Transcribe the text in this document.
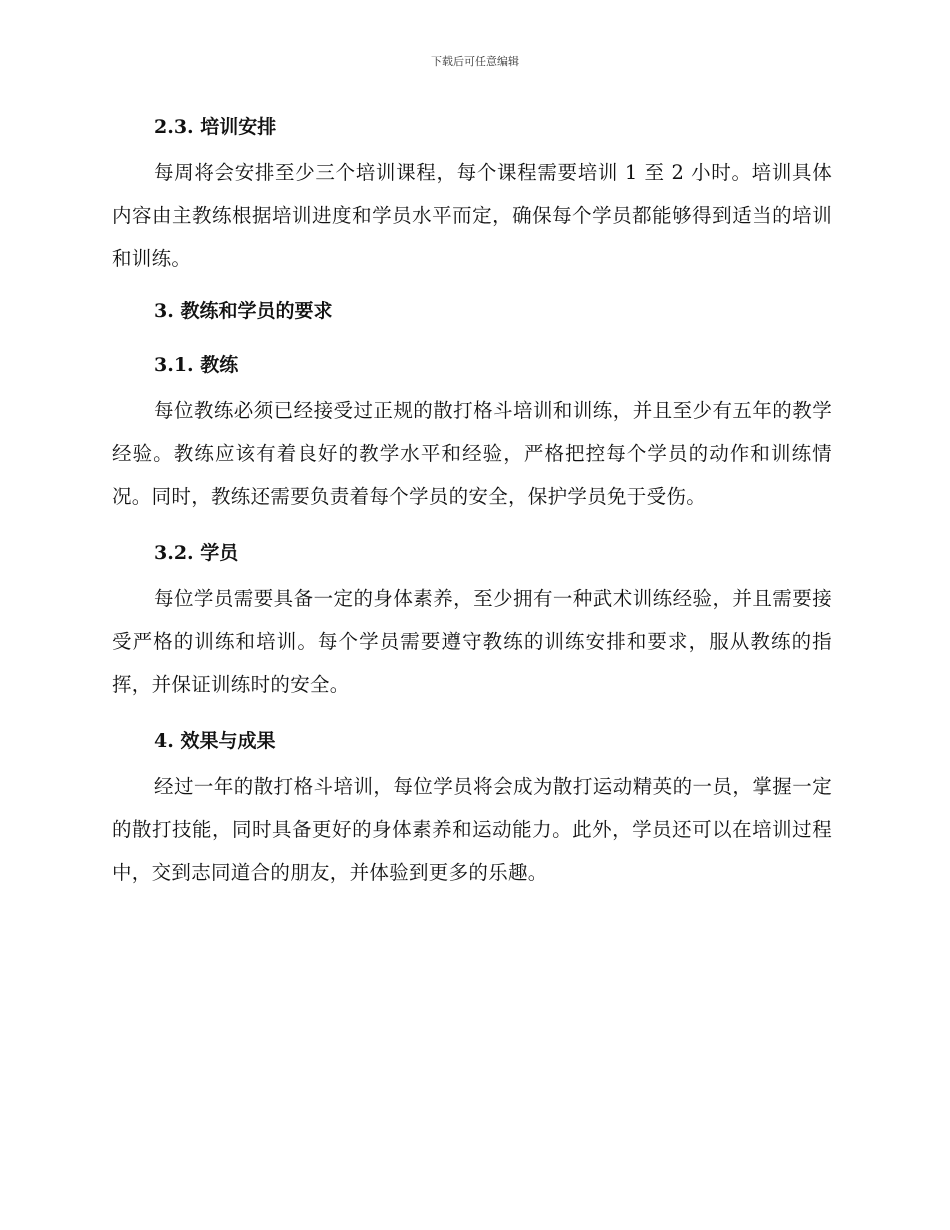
下载后可任意编辑
2.3. 培训安排

每周将会安排至少三个培训课程，每个课程需要培训 1 至 2 小时。培训具体内容由主教练根据培训进度和学员水平而定，确保每个学员都能够得到适当的培训和训练。

3. 教练和学员的要求
3.1. 教练

每位教练必须已经接受过正规的散打格斗培训和训练，并且至少有五年的教学经验。教练应该有着良好的教学水平和经验，严格把控每个学员的动作和训练情况。同时，教练还需要负责着每个学员的安全，保护学员免于受伤。

3.2. 学员

每位学员需要具备一定的身体素养，至少拥有一种武术训练经验，并且需要接受严格的训练和培训。每个学员需要遵守教练的训练安排和要求，服从教练的指挥，并保证训练时的安全。

4. 效果与成果

经过一年的散打格斗培训，每位学员将会成为散打运动精英的一员，掌握一定的散打技能，同时具备更好的身体素养和运动能力。此外，学员还可以在培训过程中，交到志同道合的朋友，并体验到更多的乐趣。
